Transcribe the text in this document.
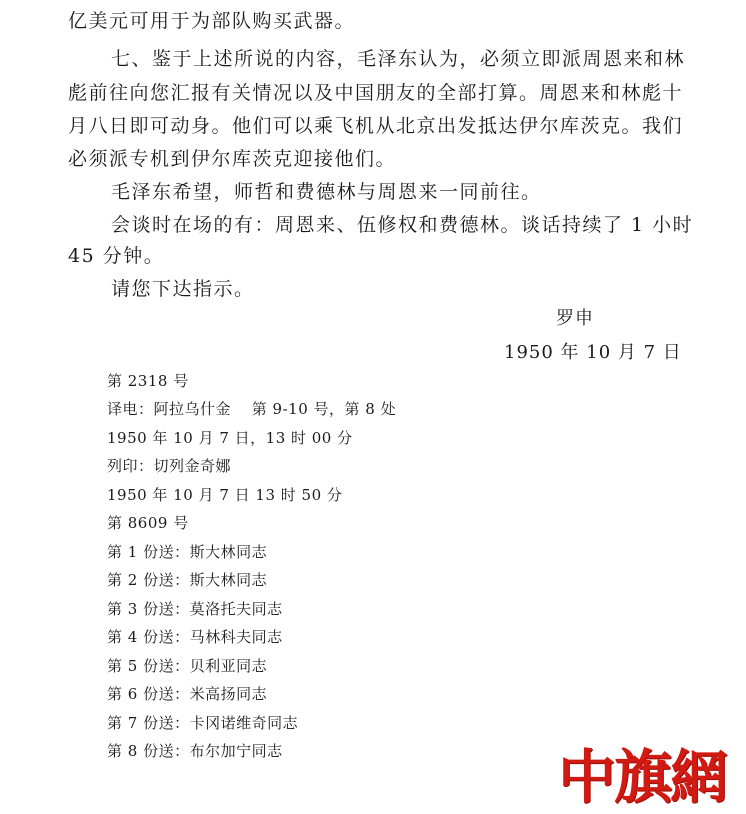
亿美元可用于为部队购买武器。
七、鉴于上述所说的内容，毛泽东认为，必须立即派周恩来和林
彪前往向您汇报有关情况以及中国朋友的全部打算。周恩来和林彪十
月八日即可动身。他们可以乘飞机从北京出发抵达伊尔库茨克。我们
必须派专机到伊尔库茨克迎接他们。
毛泽东希望，师哲和费德林与周恩来一同前往。
会谈时在场的有：周恩来、伍修权和费德林。谈话持续了 1 小时
45 分钟。
请您下达指示。
罗申
1950 年 10 月 7 日
第 2318 号
译电：阿拉乌什金　 第 9-10 号，第 8 处
1950 年 10 月 7 日，13 时 00 分
列印：切列金奇娜
1950 年 10 月 7 日 13 时 50 分
第 8609 号
第 1 份送：斯大林同志
第 2 份送：斯大林同志
第 3 份送：莫洛托夫同志
第 4 份送：马林科夫同志
第 5 份送：贝利亚同志
第 6 份送：米高扬同志
第 7 份送：卡冈诺维奇同志
第 8 份送：布尔加宁同志	中旗網
